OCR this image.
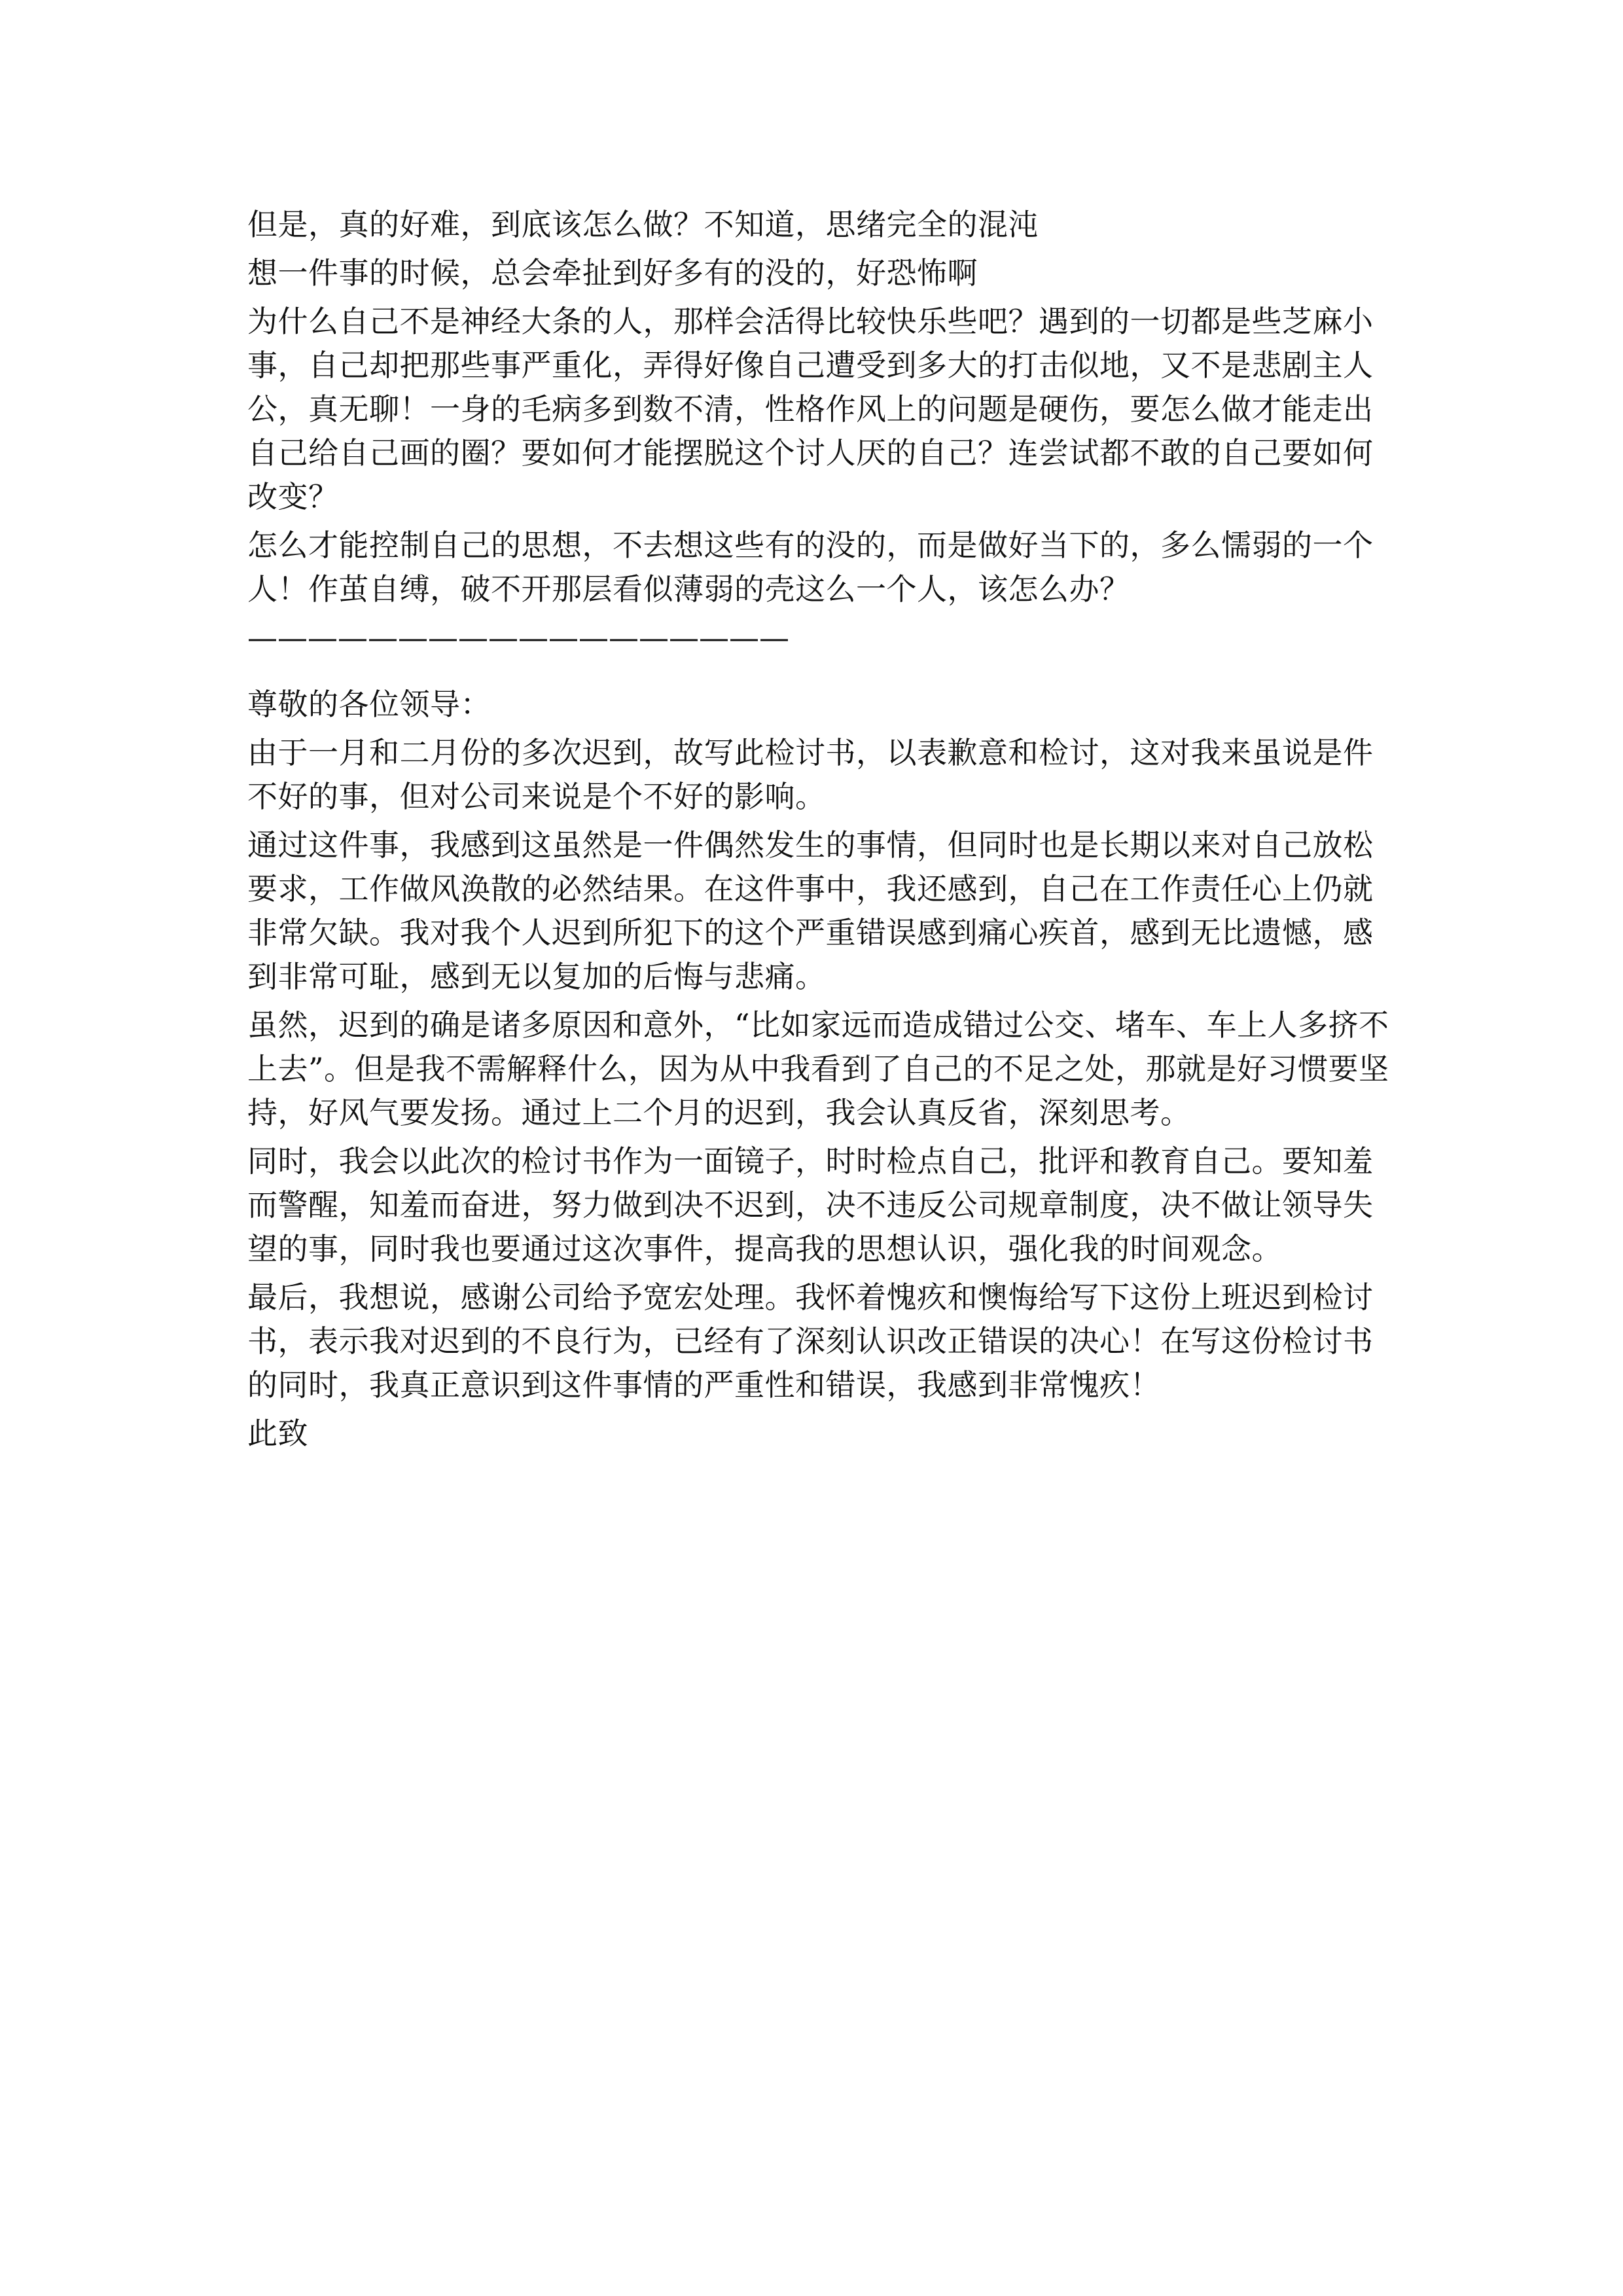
但是，真的好难，到底该怎么做？不知道，思绪完全的混沌

想一件事的时候，总会牵扯到好多有的没的，好恐怖啊

为什么自己不是神经大条的人，那样会活得比较快乐些吧？遇到的一切都是些芝麻小事，自己却把那些事严重化，弄得好像自己遭受到多大的打击似地，又不是悲剧主人公，真无聊！一身的毛病多到数不清，性格作风上的问题是硬伤，要怎么做才能走出自己给自己画的圈？要如何才能摆脱这个讨人厌的自己？连尝试都不敢的自己要如何改变？

怎么才能控制自己的思想，不去想这些有的没的，而是做好当下的，多么懦弱的一个人！作茧自缚，破不开那层看似薄弱的壳这么一个人，该怎么办？

——————————————————

尊敬的各位领导：

由于一月和二月份的多次迟到，故写此检讨书，以表歉意和检讨，这对我来虽说是件不好的事，但对公司来说是个不好的影响。

通过这件事，我感到这虽然是一件偶然发生的事情，但同时也是长期以来对自己放松要求，工作做风涣散的必然结果。在这件事中，我还感到，自己在工作责任心上仍就非常欠缺。我对我个人迟到所犯下的这个严重错误感到痛心疾首，感到无比遗憾，感到非常可耻，感到无以复加的后悔与悲痛。

虽然，迟到的确是诸多原因和意外，“比如家远而造成错过公交、堵车、车上人多挤不上去”。但是我不需解释什么，因为从中我看到了自己的不足之处，那就是好习惯要坚持，好风气要发扬。通过上二个月的迟到，我会认真反省，深刻思考。

同时，我会以此次的检讨书作为一面镜子，时时检点自己，批评和教育自己。要知羞而警醒，知羞而奋进，努力做到决不迟到，决不违反公司规章制度，决不做让领导失望的事，同时我也要通过这次事件，提高我的思想认识，强化我的时间观念。

最后，我想说，感谢公司给予宽宏处理。我怀着愧疚和懊悔给写下这份上班迟到检讨书，表示我对迟到的不良行为，已经有了深刻认识改正错误的决心！在写这份检讨书的同时，我真正意识到这件事情的严重性和错误，我感到非常愧疚！

此致
